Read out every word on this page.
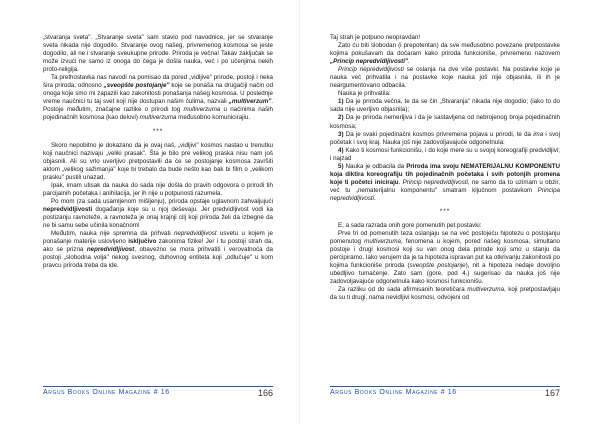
„stvaranja sveta". „Stvaranje sveta" sam stavio pod navodnice, jer se stvaranje sveta nikada nije dogodilo. Stvaranje ovog našeg, privremenog kosmosa se jeste dogodilo, ali ne i stvaranje sveukupne prirode. Priroda je večna! Takav zaključak se može izvući ne samo iz onoga do čega je došla nauka, već i po učenjima nekih proto-religija.

Ta prethostavka nas navodi na pomisao da pored „vidljive" prirode, postoji i neka šira priroda, odnosno „sveopšte postojanje" koje se ponaša na drugačiji način od onoga koje smo mi zapazili kao zakonitosti ponašanja našeg kosmosa. U poslednje vreme naučnici tu taj svet koji nije dostupan našim čulima, nazvali „multiverzum". Postoje međutim, značajne razlike o prirodi tog multiverzuma u načinima naših pojedinačnih kosmosa (kao delovi) multiverzuma međusobno komunicirajiu.

***

Skoro nepobitno je dokazano da je ovaj naš, „vidljivi" kosmos nastao u trenutku koji naučnici nazivaju „veliki prasak". Šta je bilo pre velikog praska nisu nam još objasnili. Ali su vrlo uverljivo pretpostavili da će se postojanje kosmosa završiti aktom „velikog sažimanja" koje bi trebalo da bude nešto kao bak bi film o „velikom prasku" pustili unazad.

Ipak, imam utisak da nauka do sada nije došla do pravih odgovora o prirodi tih parcijalnih početaka i anihilacija, jer ih nije u potpunosti razumela.

Po mom (za sada usamljenom mišljenju), priroda opstaje uglavnom zahvaljujući nepredvidljivosti događanja koje su u njoj deševaju. Jer predvidljivost vodi ka postizanju ravnoteže, a ravnoteža je onaj krajnji cilj koji priroda želi da izbegne da ne bi samu sebe učinila konačnom!

Međutim, nauka nije spremna da prihvati nepredvidljivost usvetu u kojem je ponašanje materije uslovljeno isključivo zakonima fizike! Jer i tu postoji strah da, ako se prizna nepredvidljivost, obavezno se mora prihvatiti i verovatnoća da postoji „slobodna volja" nekog svesnog, duhovnog entiteta koji „odlučuje" u kom pravcu priroda treba da ide.

Argus Books Online Magazine # 16	166

Taj strah je potpuno neopravdan!

Zato ću biti slobodan (i prepotentan) da sve međusobno povezane pretpostavke kojima pokušavam da dočaram kako priroda funkcioniše, privremeno nazovem „Princip nepredvidljivosti".

Princip nepredvidljivosti se oslanja na dve više postavki. Na postavke koje je nauka već prihvatila i na postavke koje nauka još nije objasnila, ili ih je neargumentovano odbacila.

Nauka je prihvatila:

1) Da je priroda večna, te da se čin „Stvaranja" nikada nije dogodio; (iako to do sada nije uverljivo objasnila);

2) Da je priroda nemerljiva i da je sastavljena od nebrojenog broja pojedinačnih kosmosa;

3) Da je svaki pojedinačni kosmos privremena pojava u prirodi, te da ima i svoj početak i svoj kraj. Nauka još nije zadovoljavajuće odgonetnula:

4) Kako ti kosmosi funkcionišu, i do koje mere su u svojoj koreografiji predvidljivi; i najzad

5) Nauka je odbacila da Priroda ima svoju NEMATERIJALNU KOMPONENTU koja diktira koreografiju tih pojedinačnih početaka i svih potonjih promena koje ti početci iniciraju. Princip nepredvidljivosti, ne samo da to uzimam u obzir, već tu „nematerijalnu komponentu" smatram ključnom postavkom Principa nepredvidljivosti.

***

E, a sada razrada onih gore pomenutih pet postavki:

Prve tri od pomenutih teza oslanjaju se na već postojeću hipotezu o postojanju pomenutog multiverzuma, fenomena u kojem, pored našeg kosmosa, simultano postoje i drugi kosmosi koji su van onog dela prirode koji smo u stanju da percipiramo. Iako verujem da je ta hipoteza ispravan put ka otkrivanju zakonitosti po kojima funkcioniše priroda (sveopšte postojanje), nit a hipoteza nedaje dovoljno ubedljivo tumačenje. Zato sam (gore, pod 4.) sugerisao da nauka još nije zadovoljavajuće odgonetnula kako kosmosi funkcionišu.

Za razliku od do sada afirmisanih teoretičara multiverzuma, koji pretpostavljaju da su ti drugi, nama nevidljivi kosmosi, odvojeni od

Argus Books Online Magazine # 16	167
